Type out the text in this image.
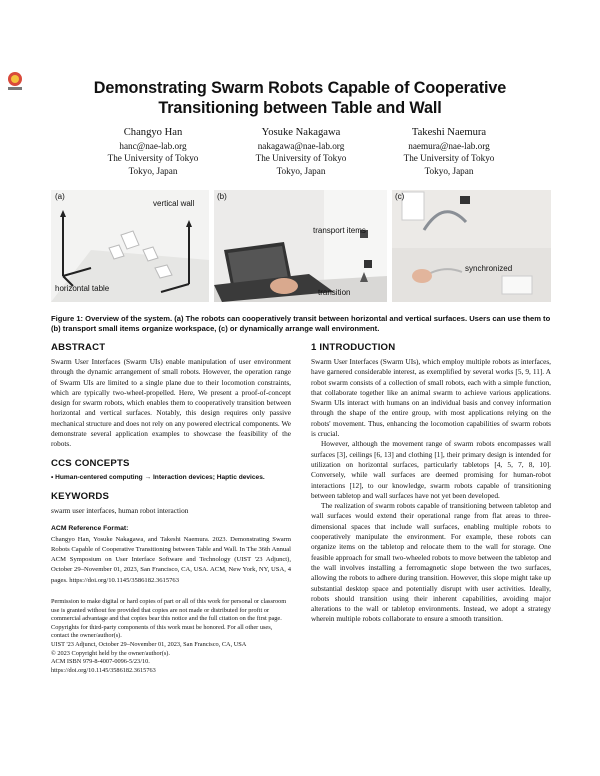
Demonstrating Swarm Robots Capable of Cooperative Transitioning between Table and Wall
Changyo Han
hanc@nae-lab.org
The University of Tokyo
Tokyo, Japan
Yosuke Nakagawa
nakagawa@nae-lab.org
The University of Tokyo
Tokyo, Japan
Takeshi Naemura
naemura@nae-lab.org
The University of Tokyo
Tokyo, Japan
(a)
vertical wall
horizontal table
(b)
transport items
transition
(c)
synchronized
Figure 1: Overview of the system. (a) The robots can cooperatively transit between horizontal and vertical surfaces. Users can use them to (b) transport small items organize workspace, (c) or dynamically arrange wall environment.
ABSTRACT

Swarm User Interfaces (Swarm UIs) enable manipulation of user environment through the dynamic arrangement of small robots. However, the operation range of Swarm UIs are limited to a single plane due to their locomotion constraints, which are typically two-wheel-propelled. Here, We present a proof-of-concept design for swarm robots, which enables them to cooperatively transition between horizontal and vertical surfaces. Notably, this design requires only passive mechanical structure and does not rely on any powered electrical components. We demonstrate several application examples to showcase the feasibility of the robots.

CCS CONCEPTS

• Human-centered computing → Interaction devices; Haptic devices.

KEYWORDS

swarm user interfaces, human robot interaction

ACM Reference Format:

Changyo Han, Yosuke Nakagawa, and Takeshi Naemura. 2023. Demonstrating Swarm Robots Capable of Cooperative Transitioning between Table and Wall. In The 36th Annual ACM Symposium on User Interface Software and Technology (UIST '23 Adjunct), October 29–November 01, 2023, San Francisco, CA, USA. ACM, New York, NY, USA, 4 pages. https://doi.org/10.1145/3586182.3615763

Permission to make digital or hard copies of part or all of this work for personal or classroom use is granted without fee provided that copies are not made or distributed for profit or commercial advantage and that copies bear this notice and the full citation on the first page. Copyrights for third-party components of this work must be honored. For all other uses, contact the owner/author(s).

UIST '23 Adjunct, October 29–November 01, 2023, San Francisco, CA, USA

© 2023 Copyright held by the owner/author(s).

ACM ISBN 979-8-4007-0096-5/23/10.

https://doi.org/10.1145/3586182.3615763

1 INTRODUCTION

Swarm User Interfaces (Swarm UIs), which employ multiple robots as interfaces, have garnered considerable interest, as exemplified by several works [5, 9, 11]. A robot swarm consists of a collection of small robots, each with a simple function, that collaborate together like an animal swarm to achieve various applications. Swarm UIs interact with humans on an individual basis and convey information through the shape of the entire group, with most applications relying on the robots' movement. Thus, enhancing the locomotion capabilities of swarm robots is crucial.

However, although the movement range of swarm robots encompasses wall surfaces [3], ceilings [6, 13] and clothing [1], their primary design is intended for utilization on horizontal surfaces, particularly tabletops [4, 5, 7, 8, 10]. Conversely, while wall surfaces are deemed promising for human-robot interactions [12], to our knowledge, swarm robots capable of transitioning between tabletop and wall surfaces have not yet been developed.

The realization of swarm robots capable of transitioning between tabletop and wall surfaces would extend their operational range from flat areas to three-dimensional spaces that include wall surfaces, enabling multiple robots to cooperatively manipulate the environment. For example, these robots can organize items on the tabletop and relocate them to the wall for storage. One feasible approach for small two-wheeled robots to move between the tabletop and the wall involves installing a ferromagnetic slope between the two surfaces, allowing the robots to adhere during transition. However, this slope might take up substantial desktop space and potentially disrupt with user activities. Ideally, robots should transition using their inherent capabilities, avoiding major alterations to the wall or tabletop environments. Instead, we adopt a strategy wherein multiple robots collaborate to ensure a smooth transition.
